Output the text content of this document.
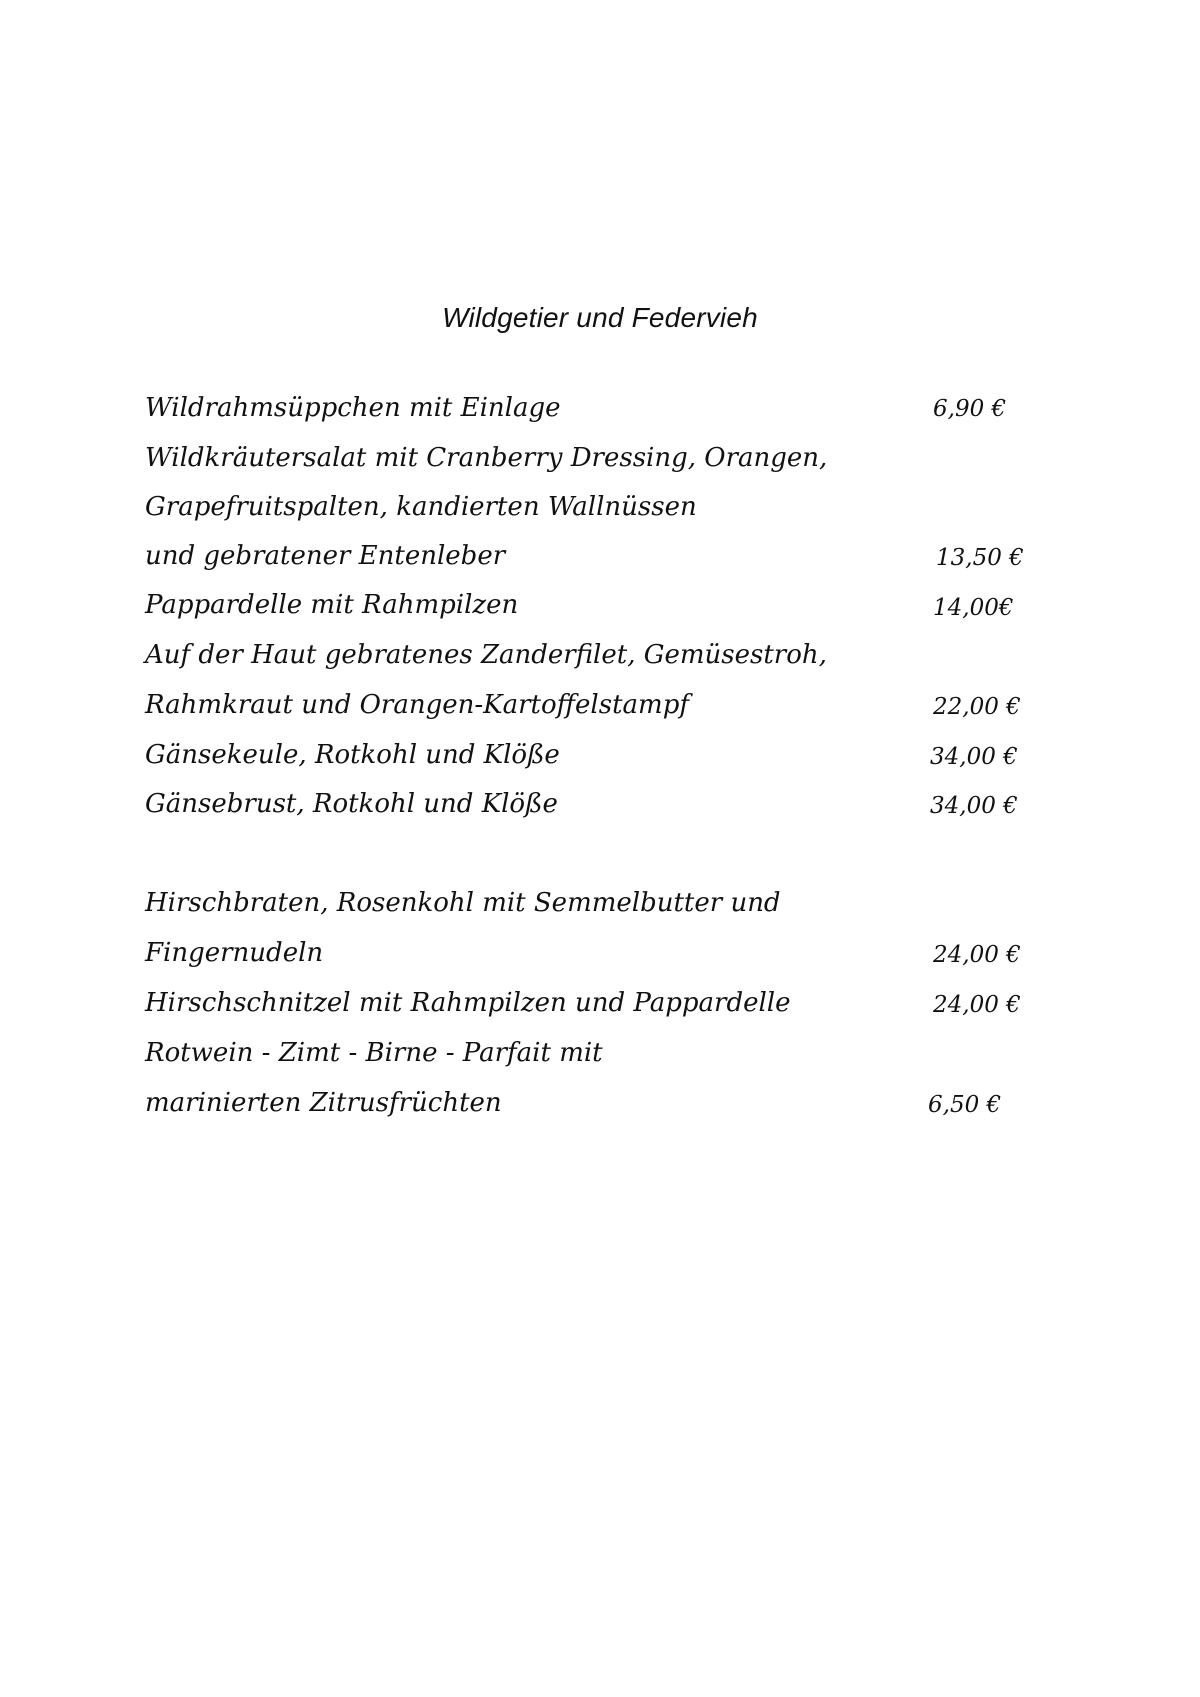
Wildgetier und Federvieh
Wildrahmsüppchen mit Einlage	6,90 €
Wildkräutersalat mit Cranberry Dressing, Orangen,
Grapefruitspalten, kandierten Wallnüssen
und gebratener Entenleber	13,50 €
Pappardelle mit Rahmpilzen	14,00€
Auf der Haut gebratenes Zanderfilet, Gemüsestroh,
Rahmkraut und Orangen-Kartoffelstampf	22,00 €
Gänsekeule, Rotkohl und Klöße	34,00 €
Gänsebrust, Rotkohl und Klöße	34,00 €
Hirschbraten, Rosenkohl mit Semmelbutter und
Fingernudeln	24,00 €
Hirschschnitzel mit Rahmpilzen und Pappardelle	24,00 €
Rotwein - Zimt - Birne - Parfait mit
marinierten Zitrusfrüchten	6,50 €
